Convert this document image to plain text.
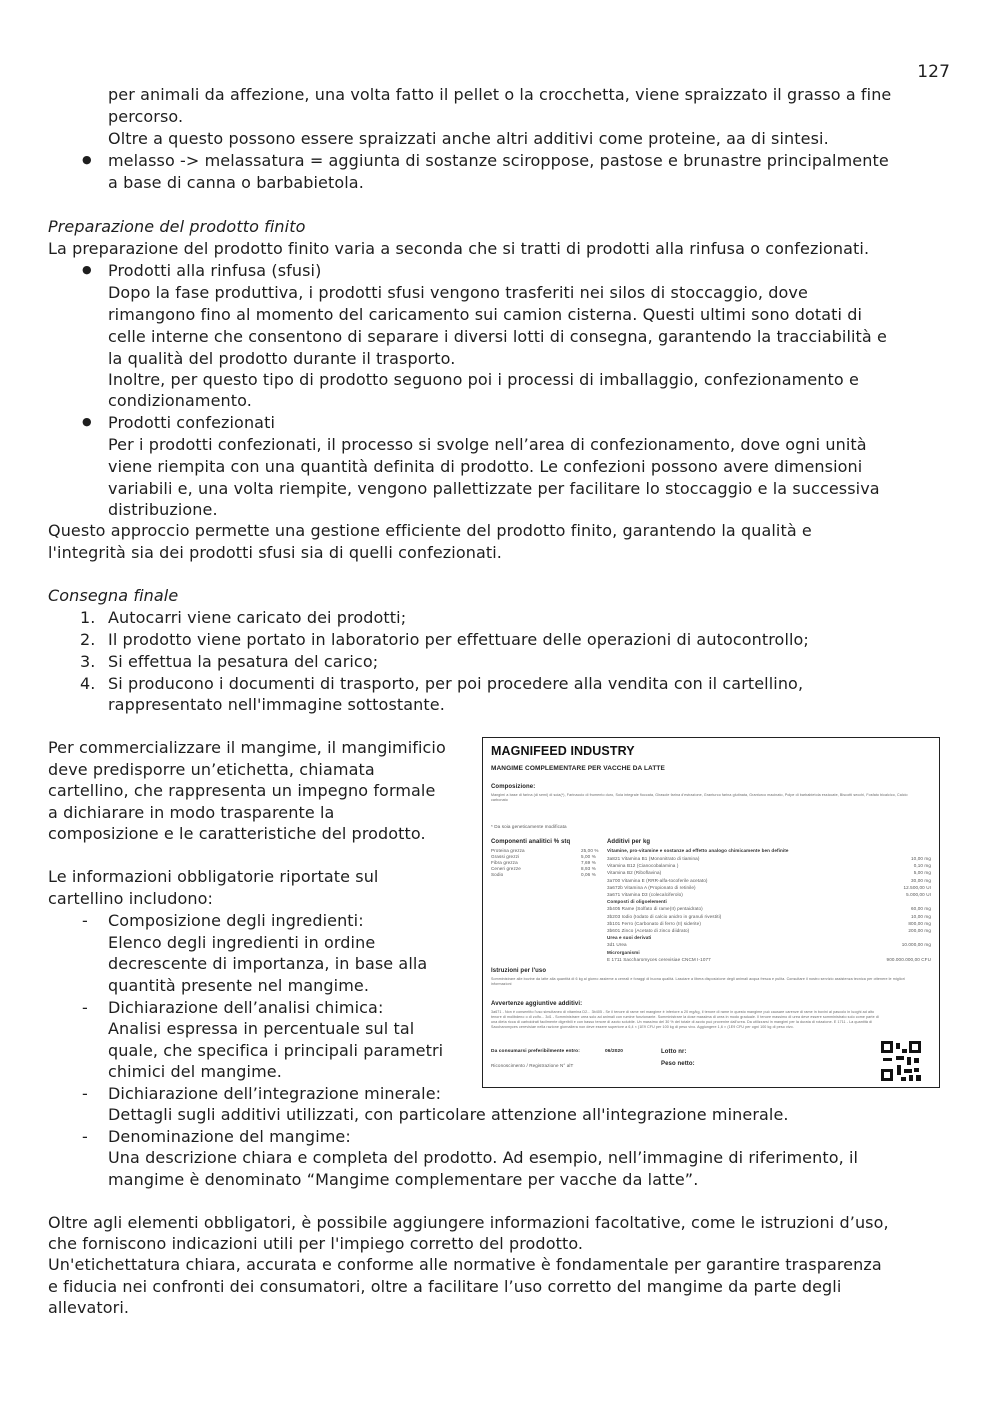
127
per animali da affezione, una volta fatto il pellet o la crocchetta, viene spraizzato il grasso a fine
percorso.
Oltre a questo possono essere spraizzati anche altri additivi come proteine, aa di sintesi.
● melasso -> melassatura = aggiunta di sostanze sciroppose, pastose e brunastre principalmente
a base di canna o barbabietola.
Preparazione del prodotto finito
La preparazione del prodotto finito varia a seconda che si tratti di prodotti alla rinfusa o confezionati.
● Prodotti alla rinfusa (sfusi)
Dopo la fase produttiva, i prodotti sfusi vengono trasferiti nei silos di stoccaggio, dove
rimangono fino al momento del caricamento sui camion cisterna. Questi ultimi sono dotati di
celle interne che consentono di separare i diversi lotti di consegna, garantendo la tracciabilità e
la qualità del prodotto durante il trasporto.
Inoltre, per questo tipo di prodotto seguono poi i processi di imballaggio, confezionamento e
condizionamento.
● Prodotti confezionati
Per i prodotti confezionati, il processo si svolge nell’area di confezionamento, dove ogni unità
viene riempita con una quantità definita di prodotto. Le confezioni possono avere dimensioni
variabili e, una volta riempite, vengono pallettizzate per facilitare lo stoccaggio e la successiva
distribuzione.
Questo approccio permette una gestione efficiente del prodotto finito, garantendo la qualità e
l'integrità sia dei prodotti sfusi sia di quelli confezionati.
Consegna finale
1. Autocarri viene caricato dei prodotti;
2. Il prodotto viene portato in laboratorio per effettuare delle operazioni di autocontrollo;
3. Si effettua la pesatura del carico;
4. Si producono i documenti di trasporto, per poi procedere alla vendita con il cartellino,
rappresentato nell'immagine sottostante.
Per commercializzare il mangime, il mangimificio
deve predisporre un’etichetta, chiamata
cartellino, che rappresenta un impegno formale
a dichiarare in modo trasparente la
composizione e le caratteristiche del prodotto.
Le informazioni obbligatorie riportate sul
cartellino includono:
- Composizione degli ingredienti:
Elenco degli ingredienti in ordine
decrescente di importanza, in base alla
quantità presente nel mangime.
- Dichiarazione dell’analisi chimica:
Analisi espressa in percentuale sul tal
quale, che specifica i principali parametri
chimici del mangime.
- Dichiarazione dell’integrazione minerale:
Dettagli sugli additivi utilizzati, con particolare attenzione all'integrazione minerale.
- Denominazione del mangime:
Una descrizione chiara e completa del prodotto. Ad esempio, nell’immagine di riferimento, il
mangime è denominato “Mangime complementare per vacche da latte”.
Oltre agli elementi obbligatori, è possibile aggiungere informazioni facoltative, come le istruzioni d’uso,
che forniscono indicazioni utili per l'impiego corretto del prodotto.
Un'etichettatura chiara, accurata e conforme alle normative è fondamentale per garantire trasparenza
e fiducia nei confronti dei consumatori, oltre a facilitare l’uso corretto del mangime da parte degli
allevatori.
MAGNIFEED INDUSTRY
MANGIME COMPLEMENTARE PER VACCHE DA LATTE
Composizione:
Mangimi a base di farina (di semi) di soia(*), Farinaccio di frumento duro, Soia integrale fioccata, Girasole farina d'estrazione, Granturco farina glutinata, Granturco macinato, Polpe di barbabietola essiccate, Biscotti secchi, Fosfato bicalcico, Calcio carbonato
* Da soia geneticamente modificata
Componenti analitici % stq	Additivi per kg
Vitamine, pro-vitamine e sostanze ad effetto analogo chimicamente ben definite
Istruzioni per l'uso
Somministrare alle bovine da latte alla quantità di 6 kg al giorno assieme a cereali e foraggi di buona qualità. Lasciare a libera disposizione degli animali acqua fresca e pulita. Consultare il nostro servizio assistenza tecnica per ottenere le migliori informazioni
Avvertenze aggiuntive additivi:
3a671 - Non è consentito l'uso simultaneo di vitamina D2... 3b405 - Se il tenore di rame nel mangime è inferiore a 20 mg/kg, il tenore di rame in questo mangime può causare carenze di rame in bovini al pascolo in luoghi ad alto tenore di molibdeno o di zolfo... 3d1 - Somministrare urea solo ad animali con rumine funzionante. Somministrare la dose massima di urea in modo graduale. Il tenore massimo di urea deve essere somministrato solo come parte di una dieta ricca di carboidrati facilmente digeribili e con basso tenore di azoto solubile. Un massimo del 30 % del totale di azoto può provenire dall'urea. Da utilizzarsi in mangimi per la durata di rotazione. E 1711 - La quantità di Saccharomyces cerevisiae nella razione giornaliera non deve essere superiore a 6,4 × (1E9 CFU per 100 kg di peso vivo. Aggiungere 1,6 × (1E9 CFU per ogni 100 kg di peso vivo.
Da consumarsi preferibilmente entro:	06/2020
Riconoscimento / Registrazione N° alT
Lotto nr:
Peso netto:
Proteina grezza	25,00 %
Grassi grezzi	5,00 %
Fibra grezza	7,69 %
Ceneri grezze	8,93 %
Sodio	0,06 %
3a821 Vitamina B1 (Mononitrato di tiamina)	10,00 mg
Vitamina B12 (Cianocobalamina )	0,10 mg
Vitamina B2 (Riboflavina)	5,00 mg
3a700 Vitamina E (RRR-alfa-tocoferile acetato)	30,00 mg
3a672b Vitamina A (Propionato di retinile)	12.500,00 UI
3a671 Vitamina D3 (colecalciferolo)	5.000,00 UI
Composti di oligoelementi
3b405 Rame (Solfato di rame(II) pentaidrato)	60,00 mg
3b203 Iodio (Iodato di calcio anidro in granuli rivestiti)	10,00 mg
3b101 Ferro (Carbonato di ferro (II) siderite)	800,00 mg
3b601 Zinco (Acetato di zinco diidrato)	200,00 mg
Urea e suoi derivati
3d1 Urea	10.000,00 mg
Microrganismi
E 1711 Saccharomyces cerevisiae CNCM I-1077	900.000.000,00 CFU
